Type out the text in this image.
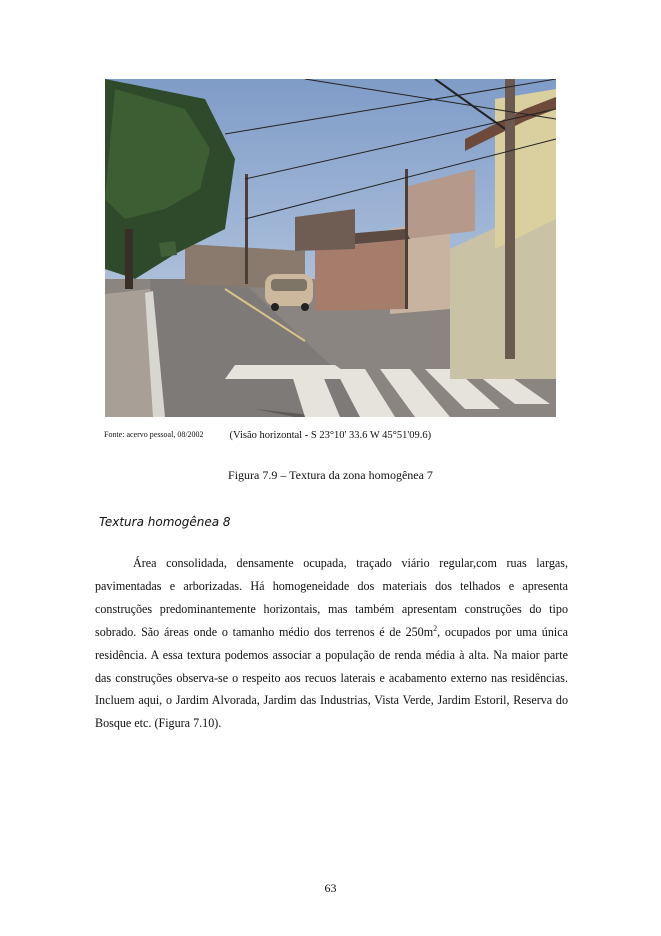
Fonte: acervo pessoal, 08/2002 (Visão horizontal - S 23°10' 33.6 W 45°51'09.6)
Figura 7.9 – Textura da zona homogênea 7
Textura homogênea 8

Área consolidada, densamente ocupada, traçado viário regular,com ruas largas, pavimentadas e arborizadas. Há homogeneidade dos materiais dos telhados e apresenta construções predominantemente horizontais, mas também apresentam construções do tipo sobrado. São áreas onde o tamanho médio dos terrenos é de $250m^2$, ocupados por uma única residência. A essa textura podemos associar a população de renda média à alta. Na maior parte das construções observa-se o respeito aos recuos laterais e acabamento externo nas residências. Incluem aqui, o Jardim Alvorada, Jardim das Industrias, Vista Verde, Jardim Estoril, Reserva do Bosque etc. (Figura 7.10).

63
